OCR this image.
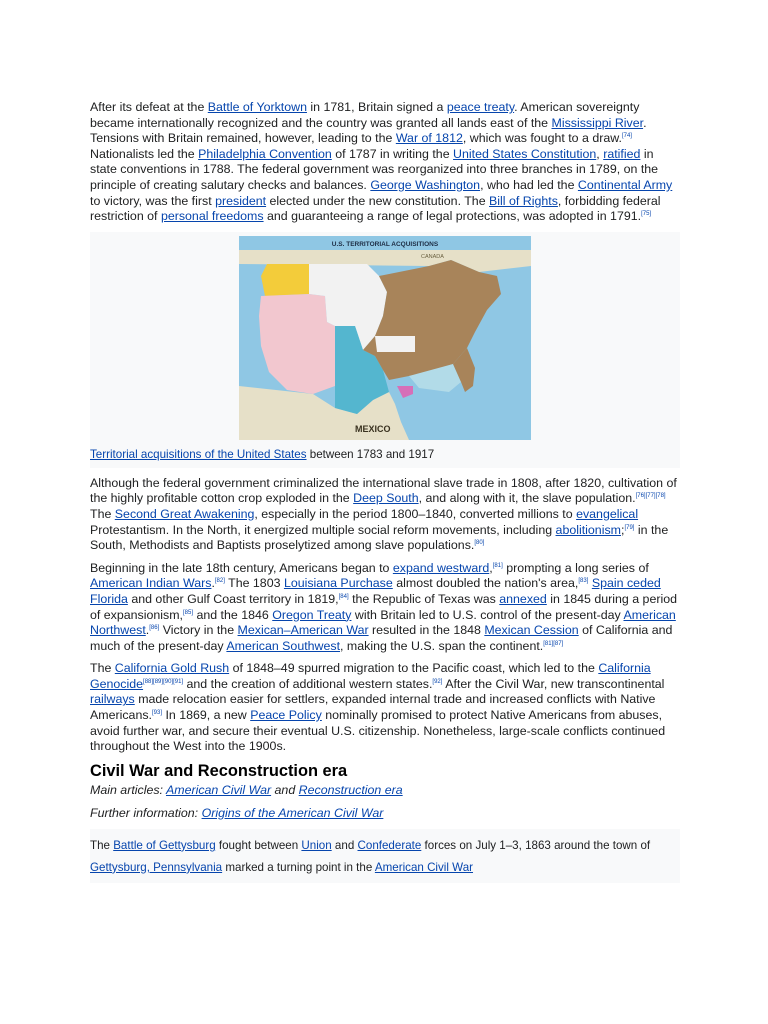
After its defeat at the Battle of Yorktown in 1781, Britain signed a peace treaty. American sovereignty became internationally recognized and the country was granted all lands east of the Mississippi River. Tensions with Britain remained, however, leading to the War of 1812, which was fought to a draw.[74] Nationalists led the Philadelphia Convention of 1787 in writing the United States Constitution, ratified in state conventions in 1788. The federal government was reorganized into three branches in 1789, on the principle of creating salutary checks and balances. George Washington, who had led the Continental Army to victory, was the first president elected under the new constitution. The Bill of Rights, forbidding federal restriction of personal freedoms and guaranteeing a range of legal protections, was adopted in 1791.[75]

U.S. TERRITORIAL ACQUISITIONS
CANADA
MEXICO
Territorial acquisitions of the United States between 1783 and 1917

Although the federal government criminalized the international slave trade in 1808, after 1820, cultivation of the highly profitable cotton crop exploded in the Deep South, and along with it, the slave population.[76][77][78] The Second Great Awakening, especially in the period 1800–1840, converted millions to evangelical Protestantism. In the North, it energized multiple social reform movements, including abolitionism;[79] in the South, Methodists and Baptists proselytized among slave populations.[80]

Beginning in the late 18th century, Americans began to expand westward,[81] prompting a long series of American Indian Wars.[82] The 1803 Louisiana Purchase almost doubled the nation's area,[83] Spain ceded Florida and other Gulf Coast territory in 1819,[84] the Republic of Texas was annexed in 1845 during a period of expansionism,[85] and the 1846 Oregon Treaty with Britain led to U.S. control of the present-day American Northwest.[86] Victory in the Mexican–American War resulted in the 1848 Mexican Cession of California and much of the present-day American Southwest, making the U.S. span the continent.[81][87]

The California Gold Rush of 1848–49 spurred migration to the Pacific coast, which led to the California Genocide[88][89][90][91] and the creation of additional western states.[92] After the Civil War, new transcontinental railways made relocation easier for settlers, expanded internal trade and increased conflicts with Native Americans.[93] In 1869, a new Peace Policy nominally promised to protect Native Americans from abuses, avoid further war, and secure their eventual U.S. citizenship. Nonetheless, large-scale conflicts continued throughout the West into the 1900s.

Civil War and Reconstruction era
Main articles: American Civil War and Reconstruction era
Further information: Origins of the American Civil War

The Battle of Gettysburg fought between Union and Confederate forces on July 1–3, 1863 around the town of Gettysburg, Pennsylvania marked a turning point in the American Civil War
